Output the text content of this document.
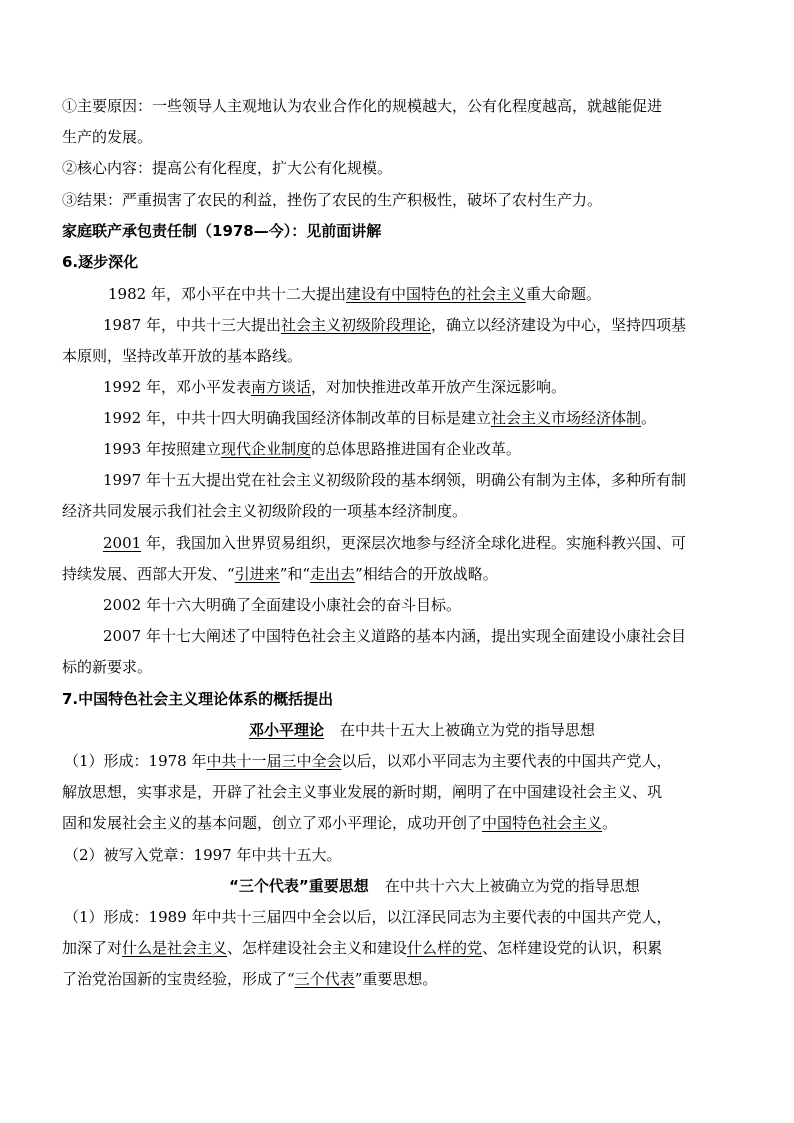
①主要原因：一些领导人主观地认为农业合作化的规模越大，公有化程度越高，就越能促进
生产的发展。
②核心内容：提高公有化程度，扩大公有化规模。
③结果：严重损害了农民的利益，挫伤了农民的生产积极性，破坏了农村生产力。
家庭联产承包责任制（1978—今）：见前面讲解
6.逐步深化
1982 年，邓小平在中共十二大提出建设有中国特色的社会主义重大命题。
1987 年，中共十三大提出社会主义初级阶段理论，确立以经济建设为中心，坚持四项基
本原则，坚持改革开放的基本路线。
1992 年，邓小平发表南方谈话，对加快推进改革开放产生深远影响。
1992 年，中共十四大明确我国经济体制改革的目标是建立社会主义市场经济体制。
1993 年按照建立现代企业制度的总体思路推进国有企业改革。
1997 年十五大提出党在社会主义初级阶段的基本纲领，明确公有制为主体，多种所有制
经济共同发展示我们社会主义初级阶段的一项基本经济制度。
2001 年，我国加入世界贸易组织，更深层次地参与经济全球化进程。实施科教兴国、可
持续发展、西部大开发、“引进来”和“走出去”相结合的开放战略。
2002 年十六大明确了全面建设小康社会的奋斗目标。
2007 年十七大阐述了中国特色社会主义道路的基本内涵，提出实现全面建设小康社会目
标的新要求。
7.中国特色社会主义理论体系的概括提出
邓小平理论 在中共十五大上被确立为党的指导思想
（1）形成：1978 年中共十一届三中全会以后，以邓小平同志为主要代表的中国共产党人，
解放思想，实事求是，开辟了社会主义事业发展的新时期，阐明了在中国建设社会主义、巩
固和发展社会主义的基本问题，创立了邓小平理论，成功开创了中国特色社会主义。
（2）被写入党章：1997 年中共十五大。
“三个代表”重要思想 在中共十六大上被确立为党的指导思想
（1）形成：1989 年中共十三届四中全会以后，以江泽民同志为主要代表的中国共产党人，
加深了对什么是社会主义、怎样建设社会主义和建设什么样的党、怎样建设党的认识，积累
了治党治国新的宝贵经验，形成了“三个代表”重要思想。
